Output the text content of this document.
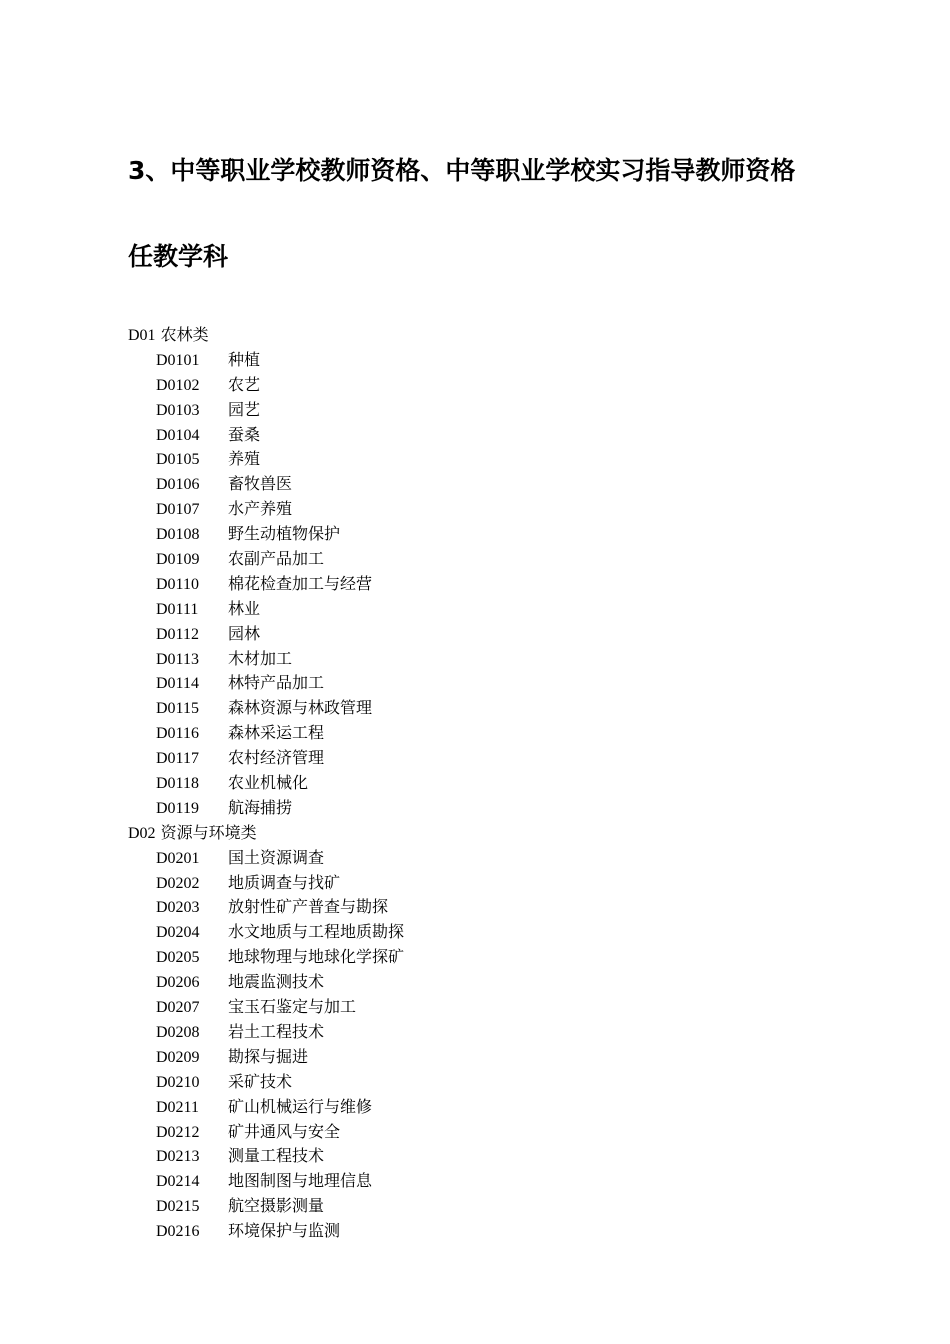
3、中等职业学校教师资格、中等职业学校实习指导教师资格
任教学科
D01 农林类
D0101 种植
D0102 农艺
D0103 园艺
D0104 蚕桑
D0105 养殖
D0106 畜牧兽医
D0107 水产养殖
D0108 野生动植物保护
D0109 农副产品加工
D0110 棉花检查加工与经营
D0111 林业
D0112 园林
D0113 木材加工
D0114 林特产品加工
D0115 森林资源与林政管理
D0116 森林采运工程
D0117 农村经济管理
D0118 农业机械化
D0119 航海捕捞
D02 资源与环境类
D0201 国土资源调查
D0202 地质调查与找矿
D0203 放射性矿产普查与勘探
D0204 水文地质与工程地质勘探
D0205 地球物理与地球化学探矿
D0206 地震监测技术
D0207 宝玉石鉴定与加工
D0208 岩土工程技术
D0209 勘探与掘进
D0210 采矿技术
D0211 矿山机械运行与维修
D0212 矿井通风与安全
D0213 测量工程技术
D0214 地图制图与地理信息
D0215 航空摄影测量
D0216 环境保护与监测
